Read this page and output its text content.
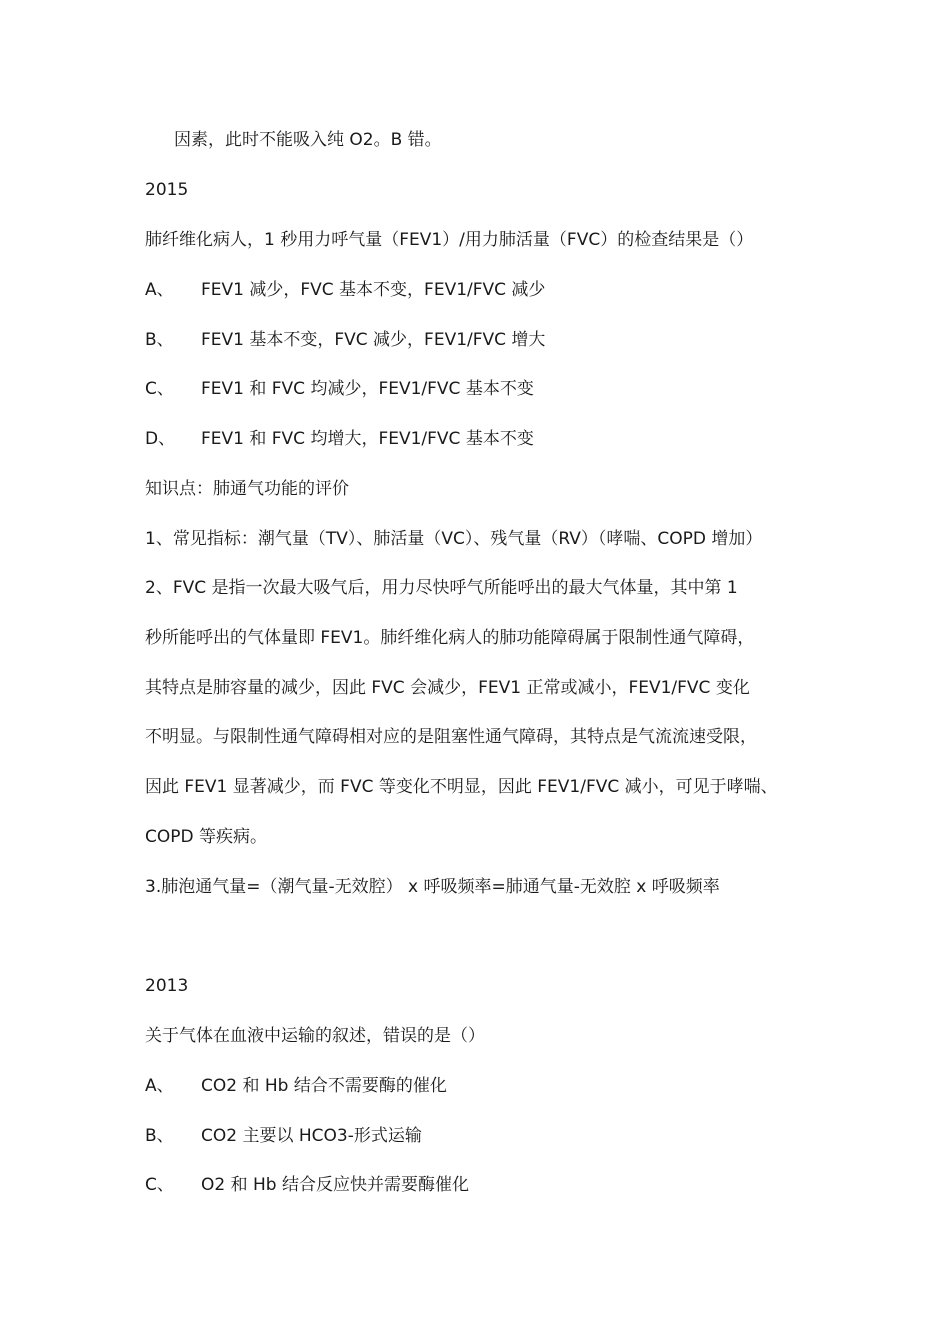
因素，此时不能吸入纯 O2。B 错。
2015
肺纤维化病人，1 秒用力呼气量（FEV1）/用力肺活量（FVC）的检查结果是（）
A、 FEV1 减少，FVC 基本不变，FEV1/FVC 减少
B、 FEV1 基本不变，FVC 减少，FEV1/FVC 增大
C、 FEV1 和 FVC 均减少，FEV1/FVC 基本不变
D、 FEV1 和 FVC 均增大，FEV1/FVC 基本不变
知识点：肺通气功能的评价
1、常见指标：潮气量（TV）、肺活量（VC）、残气量（RV）（哮喘、COPD 增加）
2、FVC 是指一次最大吸气后，用力尽快呼气所能呼出的最大气体量，其中第 1
秒所能呼出的气体量即 FEV1。肺纤维化病人的肺功能障碍属于限制性通气障碍，
其特点是肺容量的减少，因此 FVC 会减少，FEV1 正常或减小，FEV1/FVC 变化
不明显。与限制性通气障碍相对应的是阻塞性通气障碍，其特点是气流流速受限，
因此 FEV1 显著减少，而 FVC 等变化不明显，因此 FEV1/FVC 减小，可见于哮喘、
COPD 等疾病。
3.肺泡通气量=（潮气量-无效腔） x 呼吸频率=肺通气量-无效腔 x 呼吸频率
2013
关于气体在血液中运输的叙述，错误的是（）
A、 CO2 和 Hb 结合不需要酶的催化
B、 CO2 主要以 HCO3-形式运输
C、 O2 和 Hb 结合反应快并需要酶催化
